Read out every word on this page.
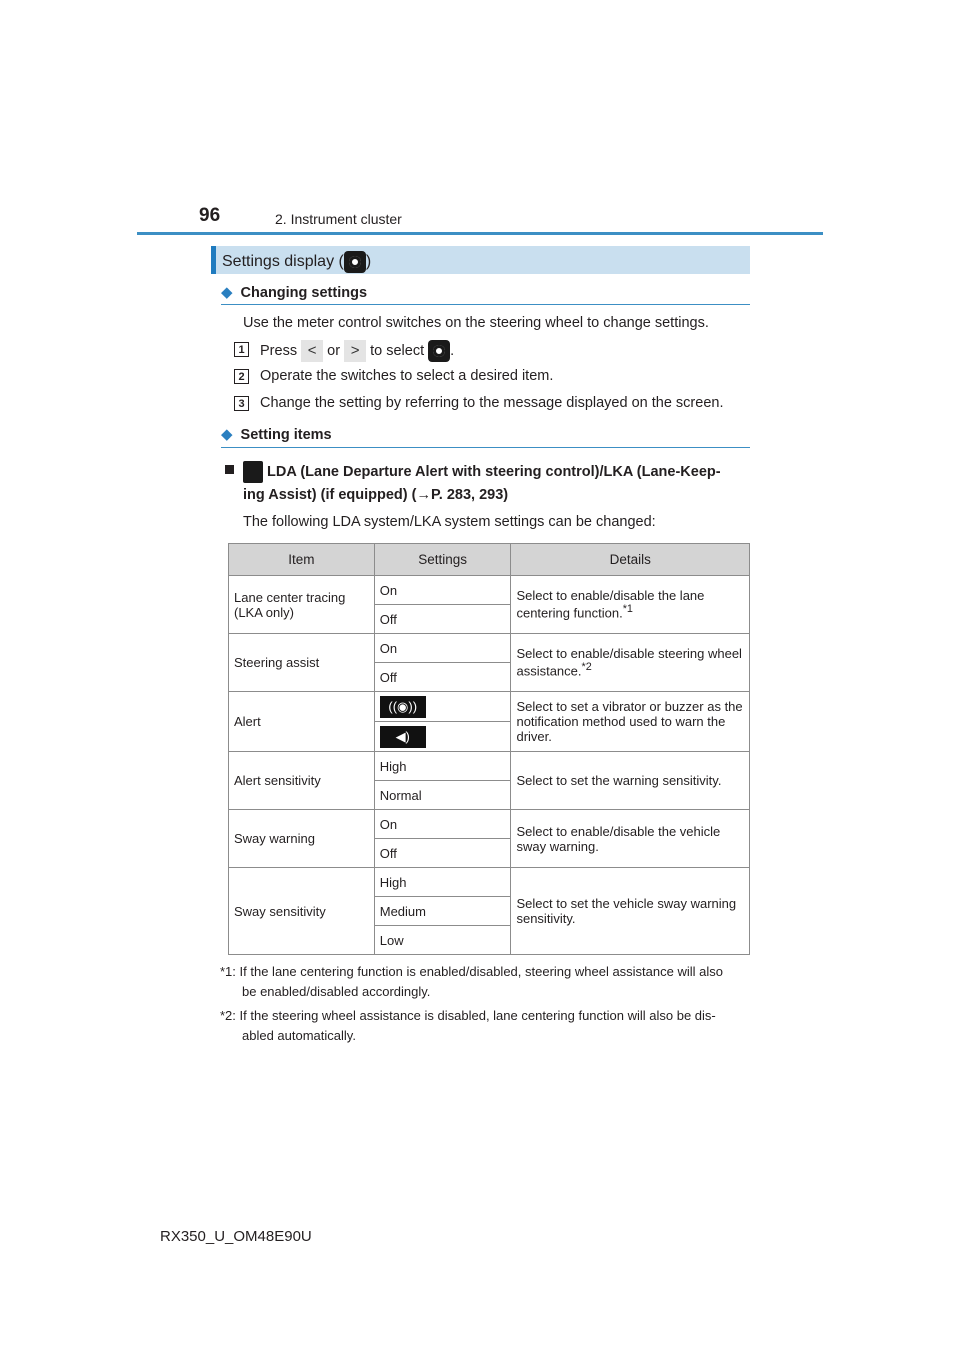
96	2. Instrument cluster
Settings display ( )
◆ Changing settings
Use the meter control switches on the steering wheel to change settings.
1	Press < or > to select .
2	Operate the switches to select a desired item.
3	Change the setting by referring to the message displayed on the screen.
◆ Setting items
LDA (Lane Departure Alert with steering control)/LKA (Lane-Keep-
ing Assist) (if equipped) (→P. 283, 293)
The following LDA system/LKA system settings can be changed:
Item	Settings	Details
Lane center tracing (LKA only)	On	Select to enable/disable the lane centering function.$^{*1}$
	Off	
Steering assist	On	Select to enable/disable steering wheel assistance.$^{*2}$
	Off	
Alert	((◉))	Select to set a vibrator or buzzer as the notification method used to warn the driver.
	◀)	
Alert sensitivity	High	Select to set the warning sensitivity.
	Normal	
Sway warning	On	Select to enable/disable the vehicle sway warning.
	Off	
Sway sensitivity	High	Select to set the vehicle sway warning sensitivity.
	Medium	
	Low	
*1: If the lane centering function is enabled/disabled, steering wheel assistance will also
be enabled/disabled accordingly.
*2: If the steering wheel assistance is disabled, lane centering function will also be dis-
abled automatically.
RX350_U_OM48E90U
